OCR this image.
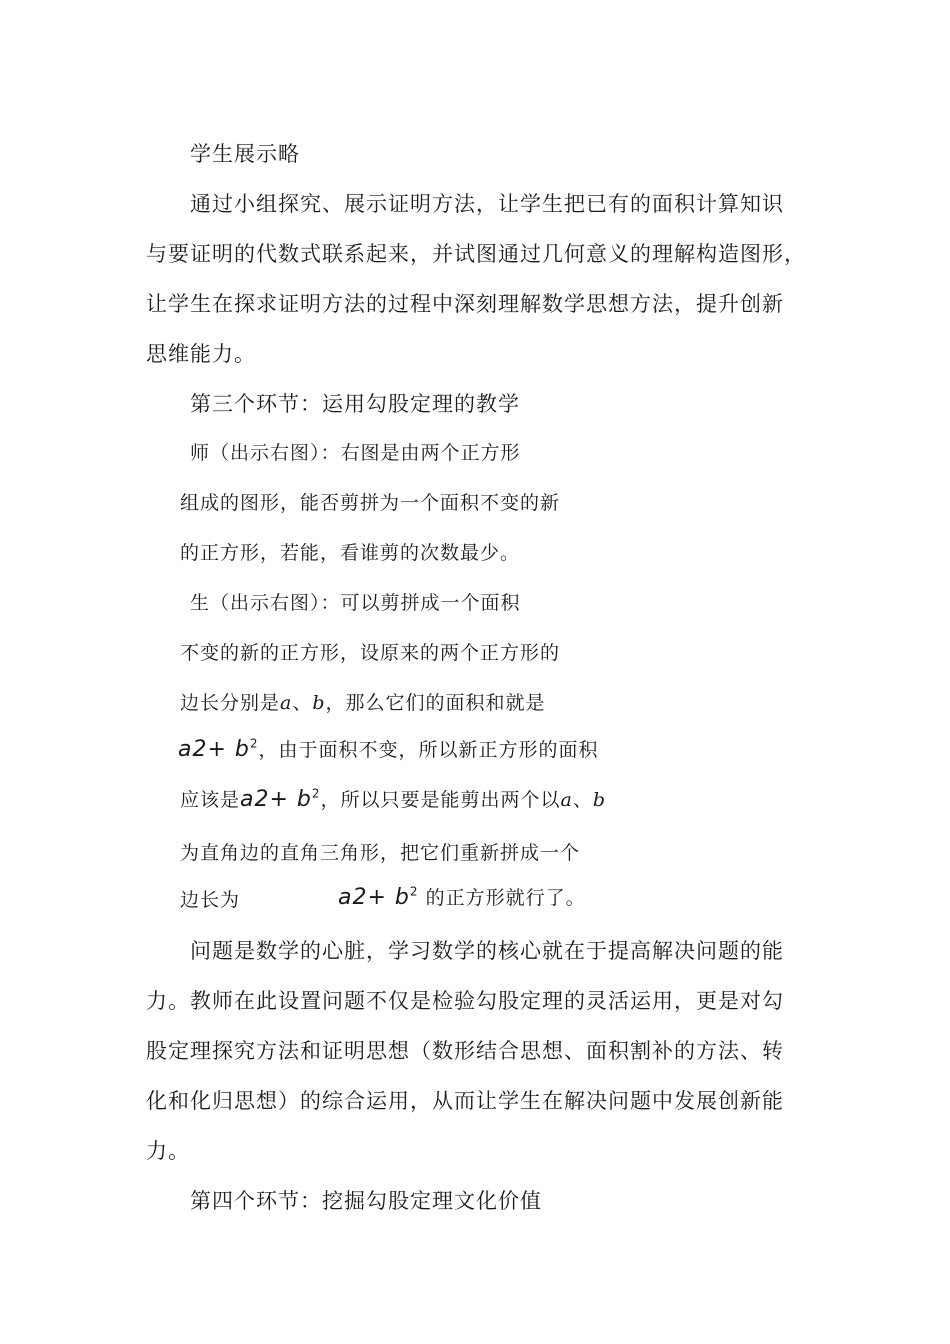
学生展示略
通过小组探究、展示证明方法，让学生把已有的面积计算知识
与要证明的代数式联系起来，并试图通过几何意义的理解构造图形，
让学生在探求证明方法的过程中深刻理解数学思想方法，提升创新
思维能力。
第三个环节：运用勾股定理的教学
师（出示右图）：右图是由两个正方形
组成的图形，能否剪拼为一个面积不变的新
的正方形，若能，看谁剪的次数最少。
生（出示右图）：可以剪拼成一个面积
不变的新的正方形，设原来的两个正方形的
边长分别是a、b，那么它们的面积和就是
$a2+ b^2$，由于面积不变，所以新正方形的面积
应该是$a2+ b^2$，所以只要是能剪出两个以a、b
为直角边的直角三角形，把它们重新拼成一个
边长为	$a2+ b^2$ 的正方形就行了。
问题是数学的心脏，学习数学的核心就在于提高解决问题的能
力。教师在此设置问题不仅是检验勾股定理的灵活运用，更是对勾
股定理探究方法和证明思想（数形结合思想、面积割补的方法、转
化和化归思想）的综合运用，从而让学生在解决问题中发展创新能
力。
第四个环节：挖掘勾股定理文化价值
